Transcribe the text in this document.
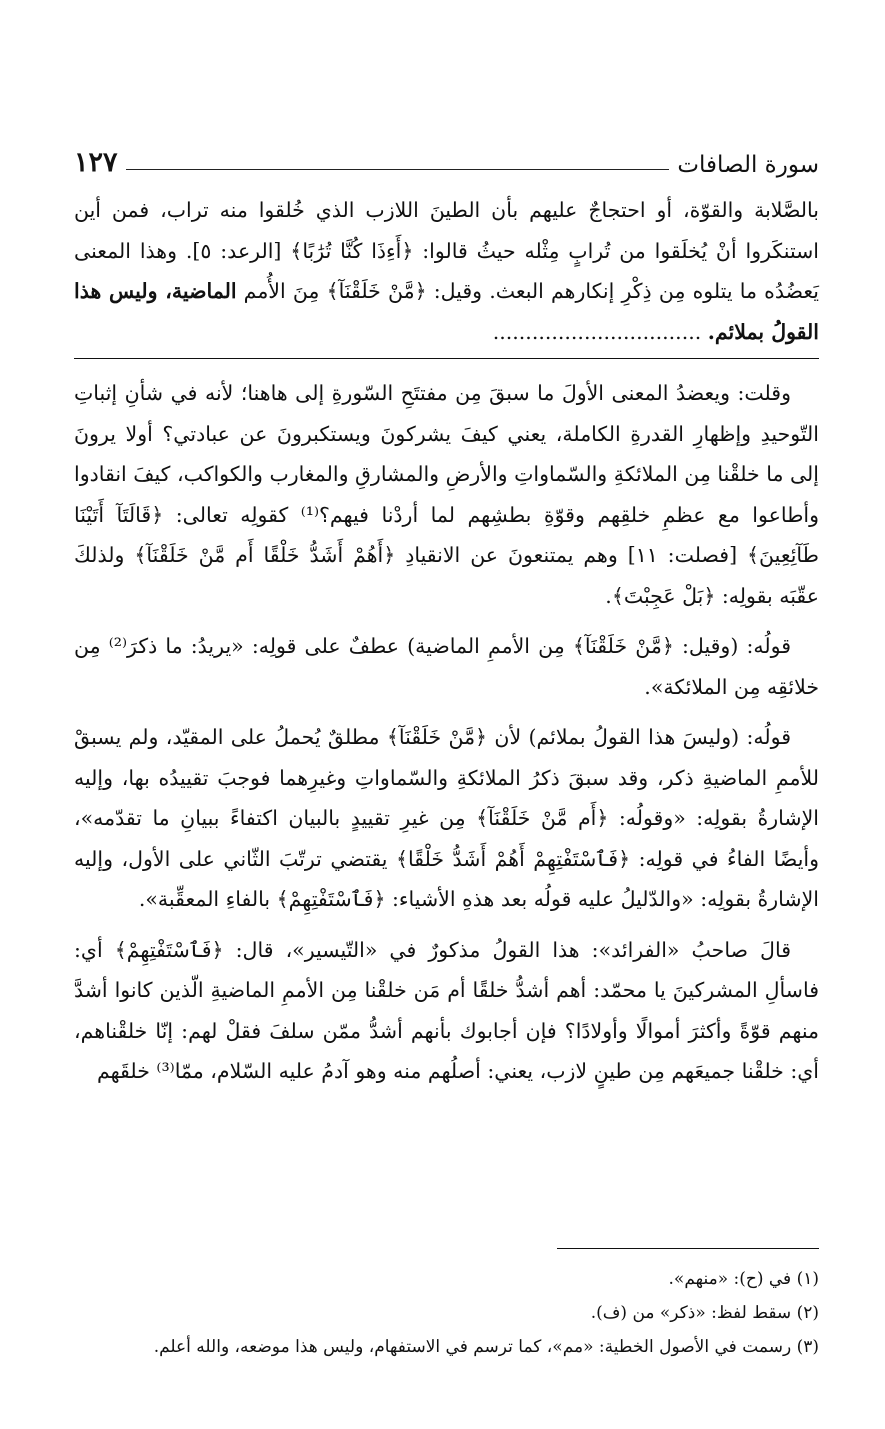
سورة الصافات
١٢٧

بالصَّلابة والقوّة، أو احتجاجٌ عليهم بأن الطينَ اللازب الذي خُلقوا منه تراب، فمن أين استنكَروا أنْ يُخلَقوا من تُرابٍ مِثْله حيثُ قالوا: ﴿أَءِذَا كُنَّا تُرَٰبًا﴾ [الرعد: ٥]. وهذا المعنى يَعضُدُه ما يتلوه مِن ذِكْرِ إنكارهم البعث. وقيل: ﴿مَّنْ خَلَقْنَآ﴾ مِنَ الأُمم الماضية، وليس هذا القولُ بملائم. ................................

وقلت: ويعضدُ المعنى الأولَ ما سبقَ مِن مفتتَحِ السّورةِ إلى هاهنا؛ لأنه في شأنِ إثباتِ التّوحيدِ وإظهارِ القدرةِ الكاملة، يعني كيفَ يشركونَ ويستكبرونَ عن عبادتي؟ أولا يرونَ إلى ما خلقْنا مِن الملائكةِ والسّماواتِ والأرضِ والمشارقِ والمغارب والكواكب، كيفَ انقادوا وأطاعوا مع عظمِ خلقِهم وقوّةِ بطشِهم لما أردْنا فيهم؟⁽¹⁾ كقولِه تعالى: ﴿قَالَتَآ أَتَيْنَا طَآئِعِينَ﴾ [فصلت: ١١] وهم يمتنعونَ عن الانقيادِ ﴿أَهُمْ أَشَدُّ خَلْقًا أَم مَّنْ خَلَقْنَآ﴾ ولذلكَ عقّبَه بقولِه: ﴿بَلْ عَجِبْتَ﴾.

قولُه: (وقيل: ﴿مَّنْ خَلَقْنَآ﴾ مِن الأممِ الماضية) عطفٌ على قولِه: «يريدُ: ما ذكرَ⁽²⁾ مِن خلائقِه مِن الملائكة».

قولُه: (وليسَ هذا القولُ بملائم) لأن ﴿مَّنْ خَلَقْنَآ﴾ مطلقٌ يُحملُ على المقيّد، ولم يسبقْ للأممِ الماضيةِ ذكر، وقد سبقَ ذكرُ الملائكةِ والسّماواتِ وغيرِهما فوجبَ تقييدُه بها، وإليه الإشارةُ بقولِه: «وقولُه: ﴿أَم مَّنْ خَلَقْنَآ﴾ مِن غيرِ تقييدٍ بالبيان اكتفاءً ببيانِ ما تقدّمه»، وأيضًا الفاءُ في قولِه: ﴿فَٱسْتَفْتِهِمْ أَهُمْ أَشَدُّ خَلْقًا﴾ يقتضي ترتّبَ الثّاني على الأول، وإليه الإشارةُ بقولِه: «والدّليلُ عليه قولُه بعد هذهِ الأشياء: ﴿فَٱسْتَفْتِهِمْ﴾ بالفاءِ المعقِّبة».

قالَ صاحبُ «الفرائد»: هذا القولُ مذكورٌ في «التّيسير»، قال: ﴿فَٱسْتَفْتِهِمْ﴾ أي: فاسألِ المشركينَ يا محمّد: أهم أشدُّ خلقًا أم مَن خلقْنا مِن الأممِ الماضيةِ الّذين كانوا أشدَّ منهم قوّةً وأكثرَ أموالًا وأولادًا؟ فإن أجابوك بأنهم أشدُّ ممّن سلفَ فقلْ لهم: إنّا خلقْناهم، أي: خلقْنا جميعَهم مِن طينٍ لازب، يعني: أصلُهم منه وهو آدمُ عليه السّلام، ممّا⁽³⁾ خلقَهم

(١) في (ح): «منهم».

(٢) سقط لفظ: «ذكر» من (ف).

(٣) رسمت في الأصول الخطية: «مم»، كما ترسم في الاستفهام، وليس هذا موضعه، والله أعلم.
